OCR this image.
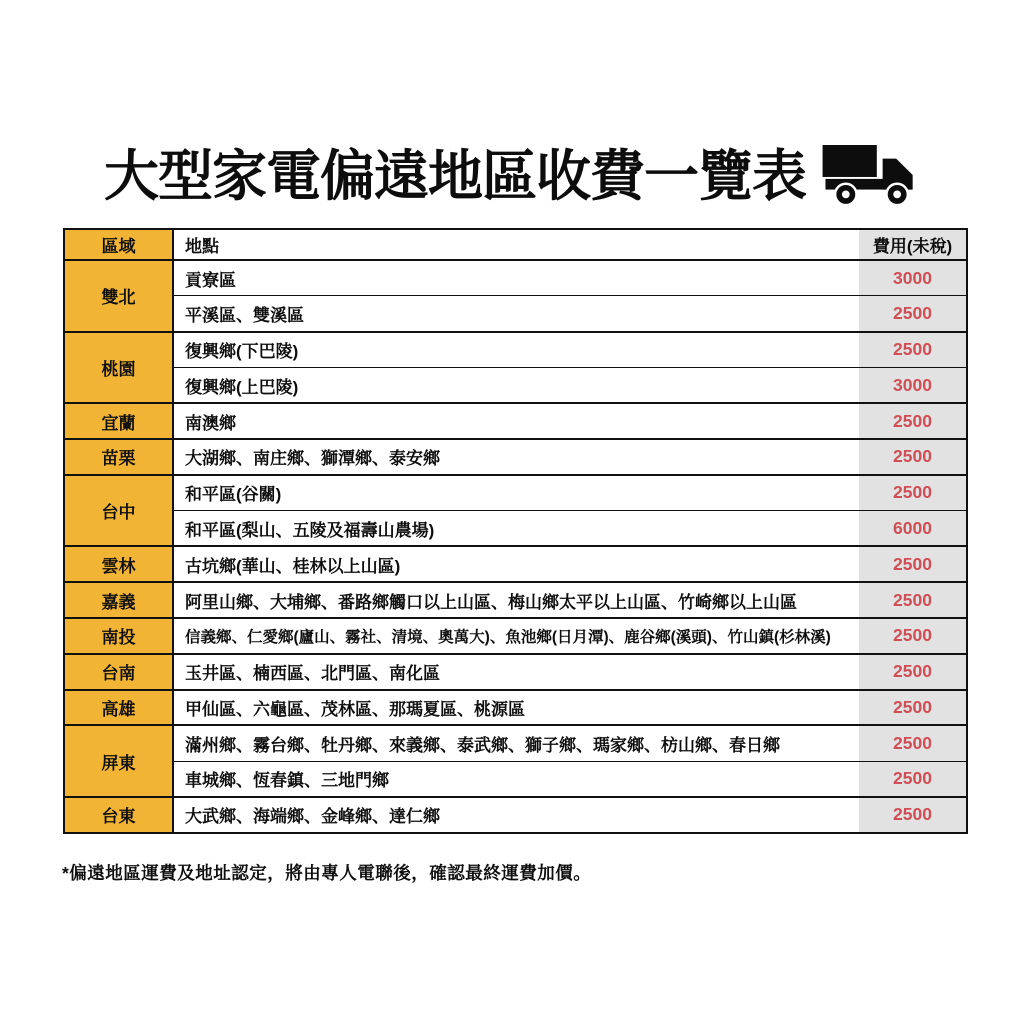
大型家電偏遠地區收費一覽表
區域	地點	費用(未稅)
雙北	貢寮區	3000
	平溪區、雙溪區	2500
桃園	復興鄉(下巴陵)	2500
	復興鄉(上巴陵)	3000
宜蘭	南澳鄉	2500
苗栗	大湖鄉、南庄鄉、獅潭鄉、泰安鄉	2500
台中	和平區(谷關)	2500
	和平區(梨山、五陵及福壽山農場)	6000
雲林	古坑鄉(華山、桂林以上山區)	2500
嘉義	阿里山鄉、大埔鄉、番路鄉觸口以上山區、梅山鄉太平以上山區、竹崎鄉以上山區	2500
南投	信義鄉、仁愛鄉(廬山、霧社、清境、奧萬大)、魚池鄉(日月潭)、鹿谷鄉(溪頭)、竹山鎮(杉林溪)	2500
台南	玉井區、楠西區、北門區、南化區	2500
高雄	甲仙區、六龜區、茂林區、那瑪夏區、桃源區	2500
屏東	滿州鄉、霧台鄉、牡丹鄉、來義鄉、泰武鄉、獅子鄉、瑪家鄉、枋山鄉、春日鄉	2500
	車城鄉、恆春鎮、三地門鄉	2500
台東	大武鄉、海端鄉、金峰鄉、達仁鄉	2500
*偏遠地區運費及地址認定，將由專人電聯後，確認最終運費加價。
